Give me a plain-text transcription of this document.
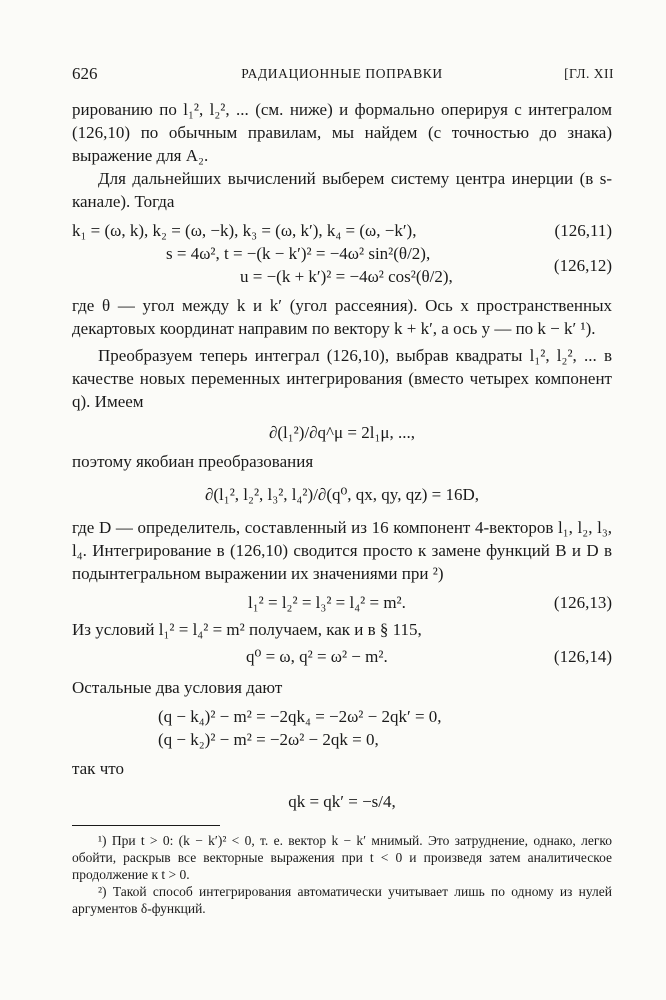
626	РАДИАЦИОННЫЕ ПОПРАВКИ	[ГЛ. XII

рированию по l₁², l₂², ... (см. ниже) и формально оперируя с интегралом (126,10) по обычным правилам, мы найдем (с точностью до знака) выражение для A₂.

Для дальнейших вычислений выберем систему центра инерции (в s-канале). Тогда

k₁ = (ω, k), k₂ = (ω, −k), k₃ = (ω, k′), k₄ = (ω, −k′),	(126,11)
s = 4ω², t = −(k − k′)² = −4ω² sin²(θ/2),
u = −(k + k′)² = −4ω² cos²(θ/2),
(126,12)

где θ — угол между k и k′ (угол рассеяния). Ось x пространственных декартовых координат направим по вектору k + k′, а ось y — по k − k′ ¹).

Преобразуем теперь интеграл (126,10), выбрав квадраты l₁², l₂², ... в качестве новых переменных интегрирования (вместо четырех компонент q). Имеем

∂(l₁²)/∂q^μ = 2l₁μ, ...,

поэтому якобиан преобразования

∂(l₁², l₂², l₃², l₄²)/∂(q⁰, qx, qy, qz) = 16D,

где D — определитель, составленный из 16 компонент 4-векторов l₁, l₂, l₃, l₄. Интегрирование в (126,10) сводится просто к замене функций B и D в подынтегральном выражении их значениями при ²)

l₁² = l₂² = l₃² = l₄² = m².	(126,13)

Из условий l₁² = l₄² = m² получаем, как и в § 115,

q⁰ = ω, q² = ω² − m².	(126,14)

Остальные два условия дают

(q − k₄)² − m² = −2qk₄ = −2ω² − 2qk′ = 0,
(q − k₂)² − m² = −2ω² − 2qk = 0,

так что

qk = qk′ = −s/4,

¹) При t > 0: (k − k′)² < 0, т. е. вектор k − k′ мнимый. Это затруднение, однако, легко обойти, раскрыв все векторные выражения при t < 0 и произведя затем аналитическое продолжение к t > 0.

²) Такой способ интегрирования автоматически учитывает лишь по одному из нулей аргументов δ-функций.
